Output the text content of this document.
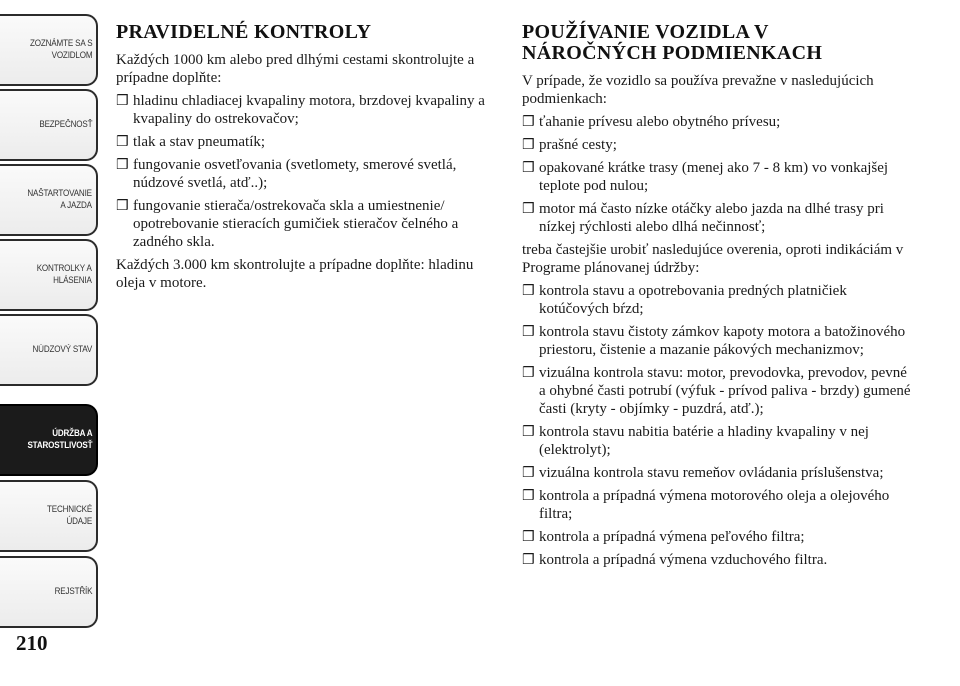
ZOZNÁMTE SA S
VOZIDLOM
BEZPEČNOSŤ
NAŠTARTOVANIE
A JAZDA
KONTROLKY A
HLÁSENIA
NÚDZOVÝ STAV
ÚDRŽBA A
STAROSTLIVOSŤ
TECHNICKÉ
ÚDAJE
REJSTŘÍK
210
PRAVIDELNÉ KONTROLY

Každých 1000 km alebo pred dlhými cestami skontrolujte a prípadne doplňte:

❒ hladinu chladiacej kvapaliny motora, brzdovej kvapaliny a kvapaliny do ostrekovačov;
❒ tlak a stav pneumatík;
❒ fungovanie osvetľovania (svetlomety, smerové svetlá, núdzové svetlá, atď..);
❒ fungovanie stierača/ostrekovača skla a umiestnenie/ opotrebovanie stieracích gumičiek stieračov čelného a zadného skla.

Každých 3.000 km skontrolujte a prípadne doplňte: hladinu oleja v motore.

POUŽÍVANIE VOZIDLA V
NÁROČNÝCH PODMIENKACH

V prípade, že vozidlo sa používa prevažne v nasledujúcich podmienkach:

❒ ťahanie prívesu alebo obytného prívesu;
❒ prašné cesty;
❒ opakované krátke trasy (menej ako 7 - 8 km) vo vonkajšej teplote pod nulou;
❒ motor má často nízke otáčky alebo jazda na dlhé trasy pri nízkej rýchlosti alebo dlhá nečinnosť;

treba častejšie urobiť nasledujúce overenia, oproti indikáciám v Programe plánovanej údržby:

❒ kontrola stavu a opotrebovania predných platničiek kotúčových bŕzd;
❒ kontrola stavu čistoty zámkov kapoty motora a batožinového priestoru, čistenie a mazanie pákových mechanizmov;
❒ vizuálna kontrola stavu: motor, prevodovka, prevodov, pevné a ohybné časti potrubí (výfuk - prívod paliva - brzdy) gumené časti (kryty - objímky - puzdrá, atď.);
❒ kontrola stavu nabitia batérie a hladiny kvapaliny v nej (elektrolyt);
❒ vizuálna kontrola stavu remeňov ovládania príslušenstva;
❒ kontrola a prípadná výmena motorového oleja a olejového filtra;
❒ kontrola a prípadná výmena peľového filtra;
❒ kontrola a prípadná výmena vzduchového filtra.
